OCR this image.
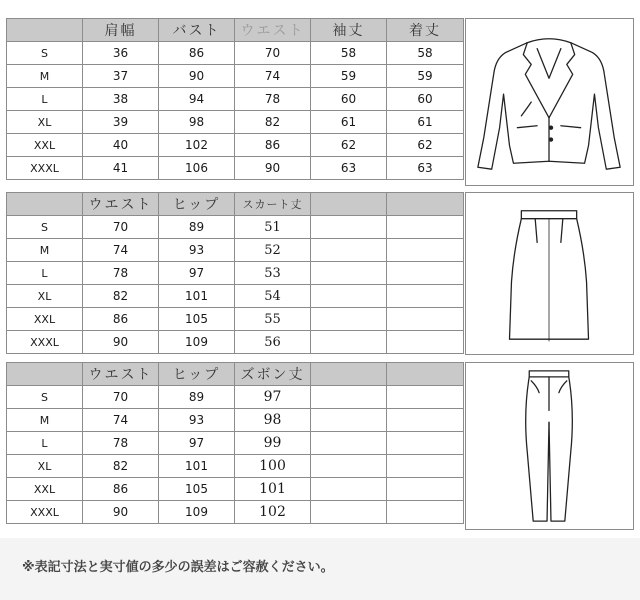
	肩幅	バスト	ウエスト	袖丈	着丈
S	36	86	70	58	58
M	37	90	74	59	59
L	38	94	78	60	60
XL	39	98	82	61	61
XXL	40	102	86	62	62
XXXL	41	106	90	63	63
	ウエスト	ヒップ	スカート丈		
S	70	89	51		
M	74	93	52		
L	78	97	53		
XL	82	101	54		
XXL	86	105	55		
XXXL	90	109	56		
	ウエスト	ヒップ	ズボン丈		
S	70	89	97		
M	74	93	98		
L	78	97	99		
XL	82	101	100		
XXL	86	105	101		
XXXL	90	109	102		
※表記寸法と実寸値の多少の誤差はご容赦ください。
